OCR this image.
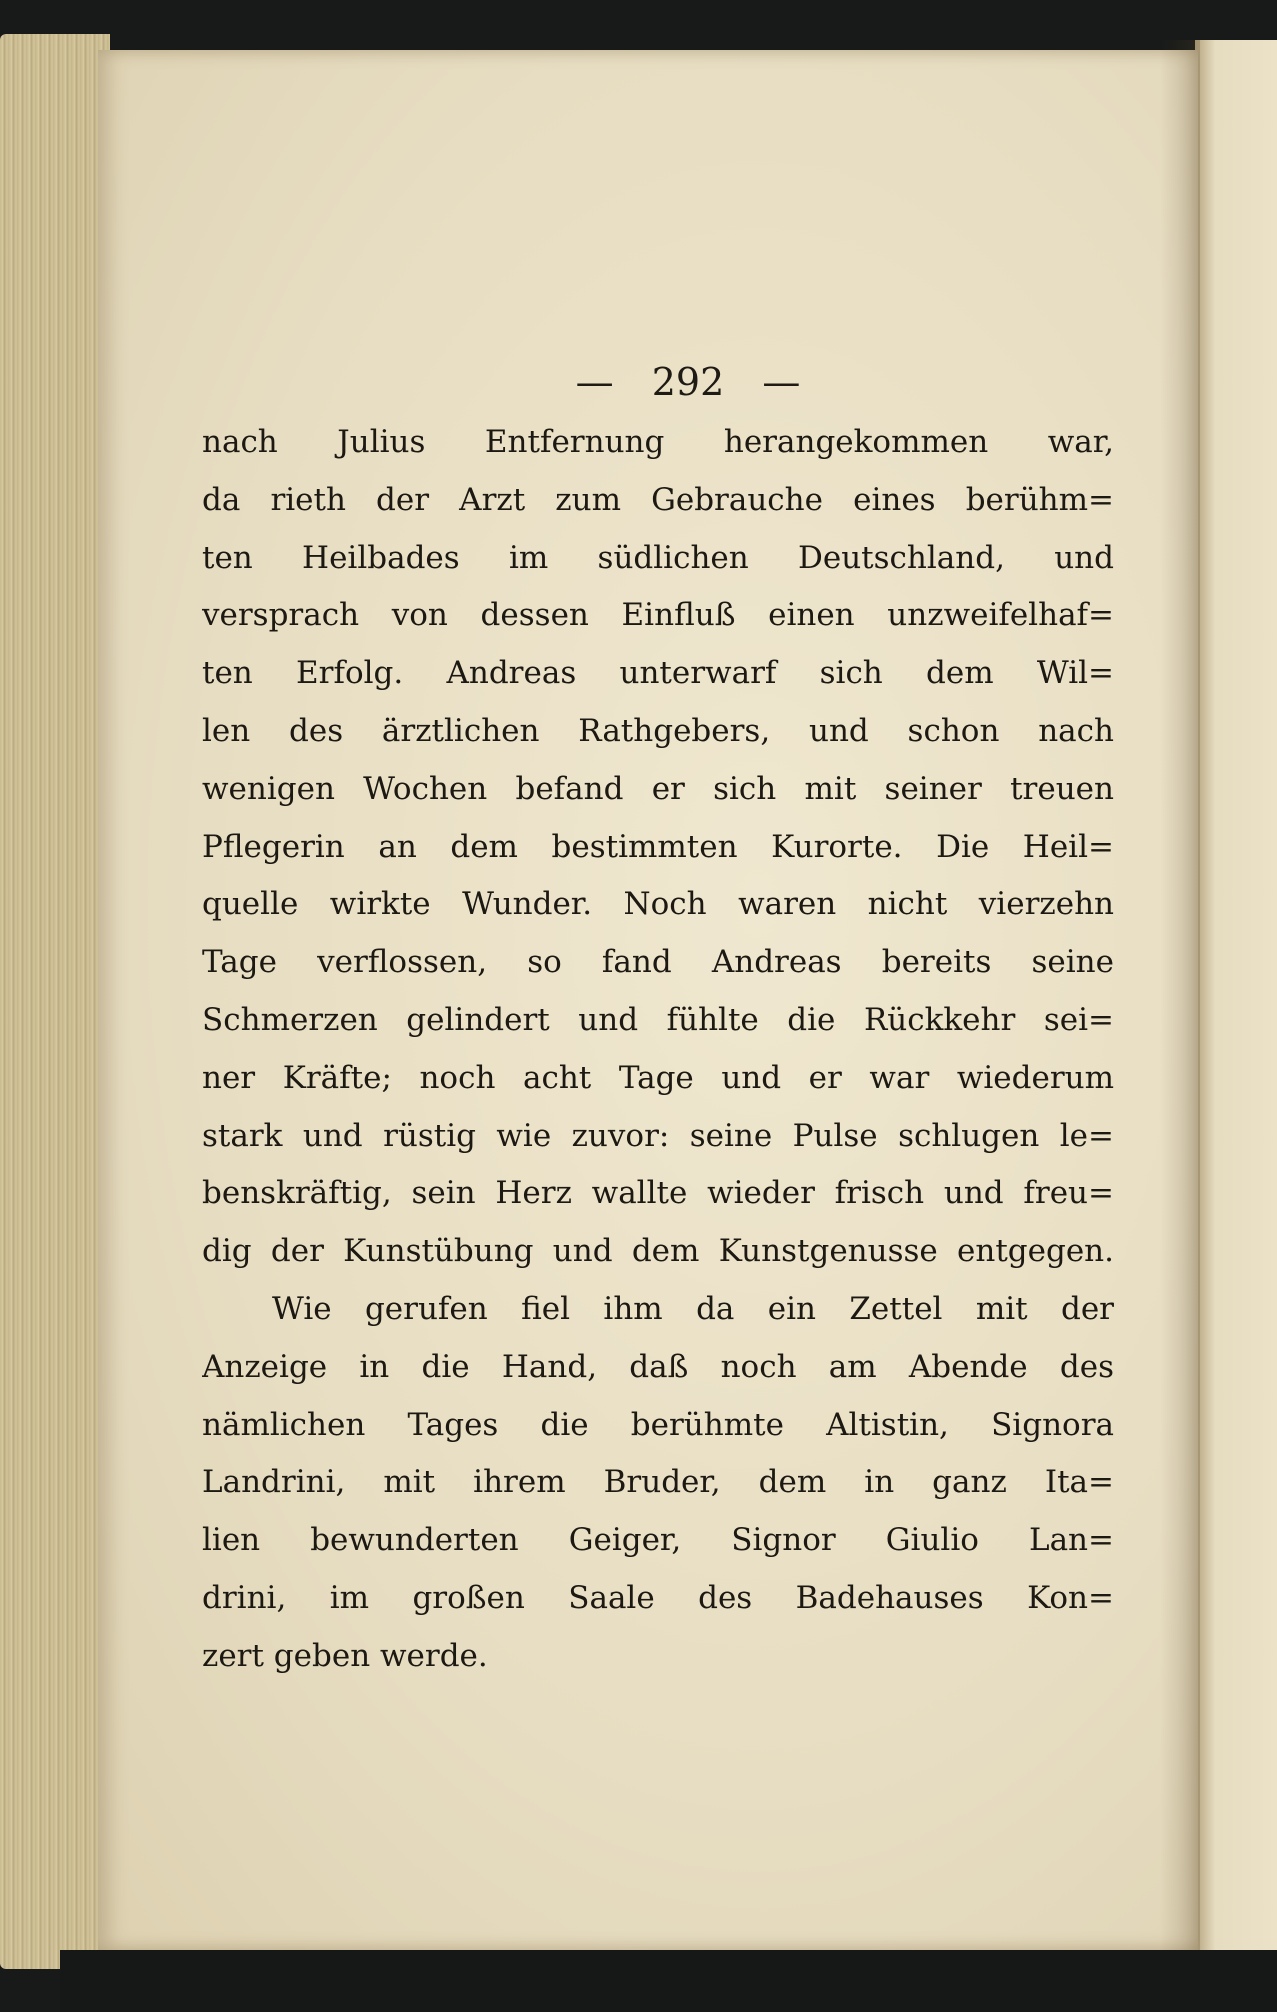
— 292 —
nach Julius Entfernung herangekommen war,
da rieth der Arzt zum Gebrauche eines berühm=
ten Heilbades im südlichen Deutschland, und
versprach von dessen Einfluß einen unzweifelhaf=
ten Erfolg. Andreas unterwarf sich dem Wil=
len des ärztlichen Rathgebers, und schon nach
wenigen Wochen befand er sich mit seiner treuen
Pflegerin an dem bestimmten Kurorte. Die Heil=
quelle wirkte Wunder. Noch waren nicht vierzehn
Tage verflossen, so fand Andreas bereits seine
Schmerzen gelindert und fühlte die Rückkehr sei=
ner Kräfte; noch acht Tage und er war wiederum
stark und rüstig wie zuvor: seine Pulse schlugen le=
benskräftig, sein Herz wallte wieder frisch und freu=
dig der Kunstübung und dem Kunstgenusse entgegen.
Wie gerufen fiel ihm da ein Zettel mit der
Anzeige in die Hand, daß noch am Abende des
nämlichen Tages die berühmte Altistin, Signora
Landrini, mit ihrem Bruder, dem in ganz Ita=
lien bewunderten Geiger, Signor Giulio Lan=
drini, im großen Saale des Badehauses Kon=
zert geben werde.
